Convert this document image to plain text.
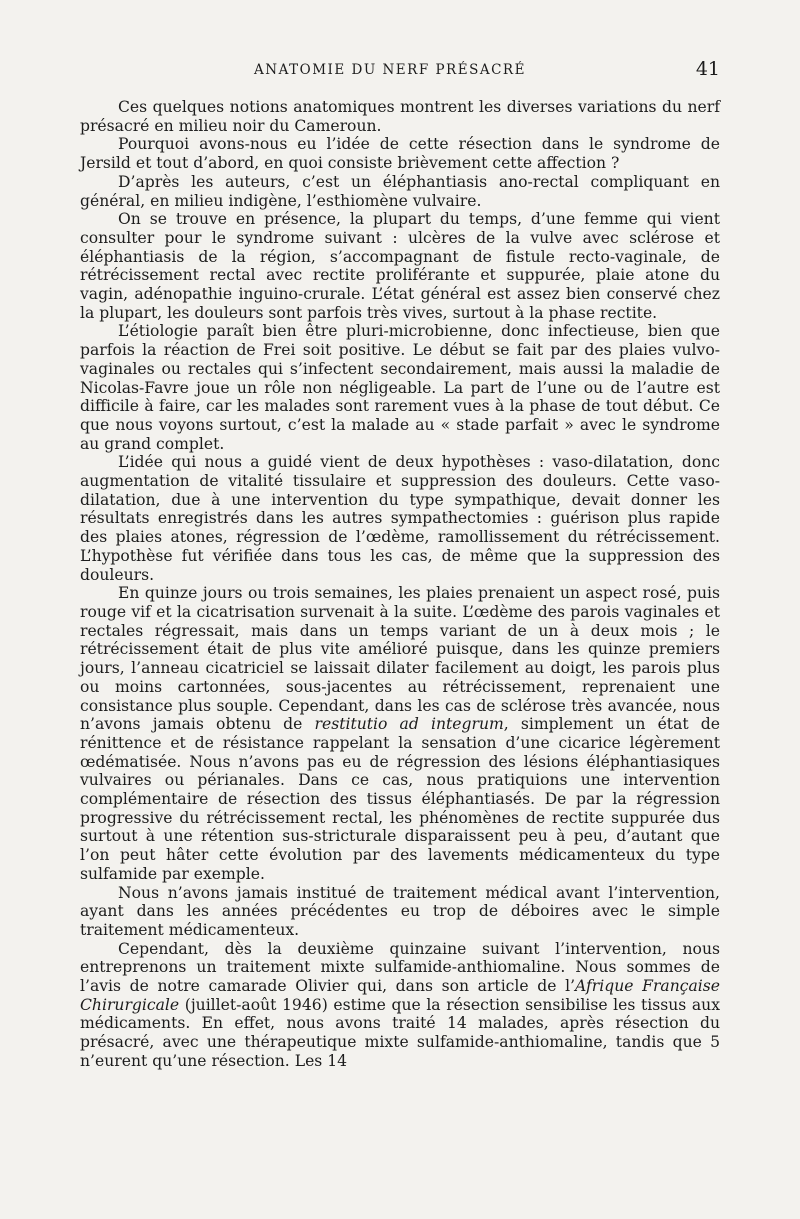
ANATOMIE DU NERF PRÉSACRÉ	41

Ces quelques notions anatomiques montrent les diverses variations du nerf présacré en milieu noir du Cameroun.

Pourquoi avons-nous eu l’idée de cette résection dans le syndrome de Jersild et tout d’abord, en quoi consiste brièvement cette affection ?

D’après les auteurs, c’est un éléphantiasis ano-rectal compliquant en général, en milieu indigène, l’esthiomène vulvaire.

On se trouve en présence, la plupart du temps, d’une femme qui vient consulter pour le syndrome suivant : ulcères de la vulve avec sclérose et éléphantiasis de la région, s’accompagnant de fistule recto-vaginale, de rétrécissement rectal avec rectite proliférante et suppurée, plaie atone du vagin, adénopathie inguino-crurale. L’état général est assez bien conservé chez la plupart, les douleurs sont parfois très vives, surtout à la phase rectite.

L’étiologie paraît bien être pluri-microbienne, donc infectieuse, bien que parfois la réaction de Frei soit positive. Le début se fait par des plaies vulvo-vaginales ou rectales qui s’infectent secondairement, mais aussi la maladie de Nicolas-Favre joue un rôle non négligeable. La part de l’une ou de l’autre est difficile à faire, car les malades sont rarement vues à la phase de tout début. Ce que nous voyons surtout, c’est la malade au « stade parfait » avec le syndrome au grand complet.

L’idée qui nous a guidé vient de deux hypothèses : vaso-dilatation, donc augmentation de vitalité tissulaire et suppression des douleurs. Cette vaso-dilatation, due à une intervention du type sympathique, devait donner les résultats enregistrés dans les autres sympathectomies : guérison plus rapide des plaies atones, régression de l’œdème, ramollissement du rétrécissement. L’hypothèse fut vérifiée dans tous les cas, de même que la suppression des douleurs.

En quinze jours ou trois semaines, les plaies prenaient un aspect rosé, puis rouge vif et la cicatrisation survenait à la suite. L’œdème des parois vaginales et rectales régressait, mais dans un temps variant de un à deux mois ; le rétrécissement était de plus vite amélioré puisque, dans les quinze premiers jours, l’anneau cicatriciel se laissait dilater facilement au doigt, les parois plus ou moins cartonnées, sous-jacentes au rétrécissement, reprenaient une consistance plus souple. Cependant, dans les cas de sclérose très avancée, nous n’avons jamais obtenu de restitutio ad integrum, simplement un état de rénittence et de résistance rappelant la sensation d’une cicarice légèrement œdématisée. Nous n’avons pas eu de régression des lésions éléphantiasiques vulvaires ou périanales. Dans ce cas, nous pratiquions une intervention complémentaire de résection des tissus éléphantiasés. De par la régression progressive du rétrécissement rectal, les phénomènes de rectite suppurée dus surtout à une rétention sus-stricturale disparaissent peu à peu, d’autant que l’on peut hâter cette évolution par des lavements médicamenteux du type sulfamide par exemple.

Nous n’avons jamais institué de traitement médical avant l’intervention, ayant dans les années précédentes eu trop de déboires avec le simple traitement médicamenteux.

Cependant, dès la deuxième quinzaine suivant l’intervention, nous entreprenons un traitement mixte sulfamide-anthiomaline. Nous sommes de l’avis de notre camarade Olivier qui, dans son article de l’Afrique Française Chirurgicale (juillet-août 1946) estime que la résection sensibilise les tissus aux médicaments. En effet, nous avons traité 14 malades, après résection du présacré, avec une thérapeutique mixte sulfamide-anthiomaline, tandis que 5 n’eurent qu’une résection. Les 14
